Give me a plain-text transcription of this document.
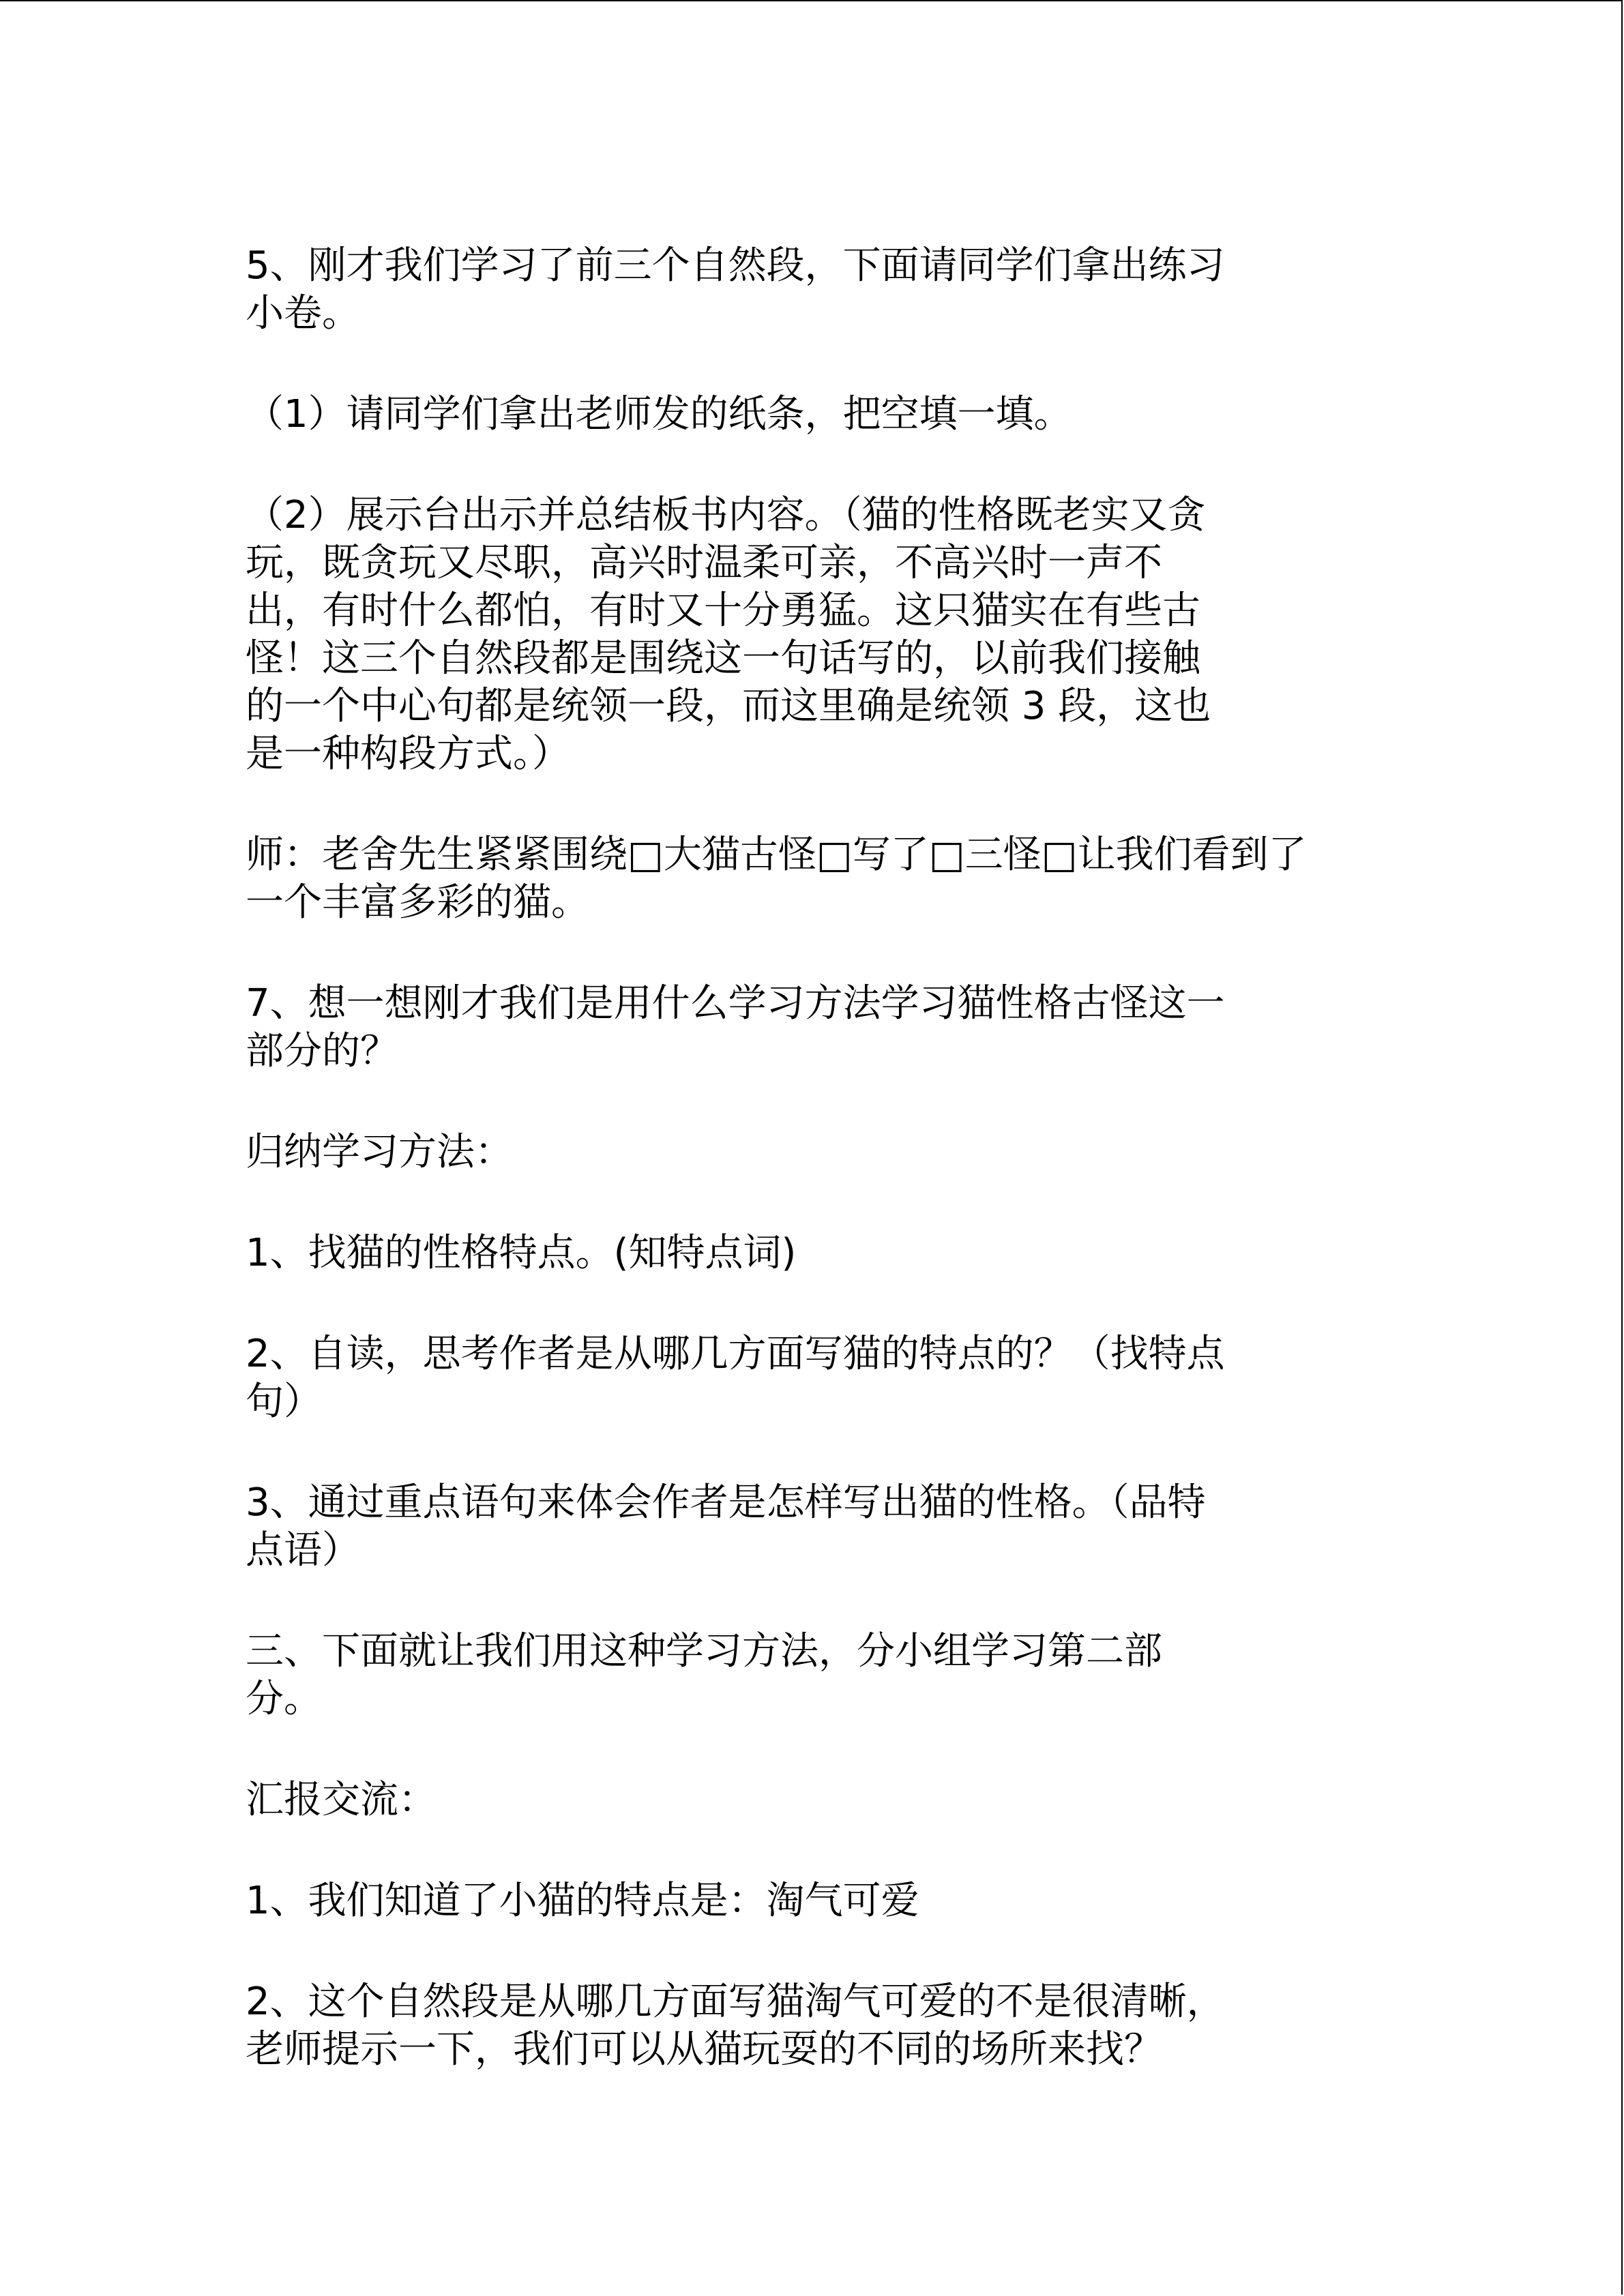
5、刚才我们学习了前三个自然段，下面请同学们拿出练习
小卷。

（1）请同学们拿出老师发的纸条，把空填一填。

（2）展示台出示并总结板书内容。（猫的性格既老实又贪
玩，既贪玩又尽职，高兴时温柔可亲，不高兴时一声不
出，有时什么都怕，有时又十分勇猛。这只猫实在有些古
怪！这三个自然段都是围绕这一句话写的，以前我们接触
的一个中心句都是统领一段，而这里确是统领 3 段，这也
是一种构段方式。）

师：老舍先生紧紧围绕□大猫古怪□写了□三怪□让我们看到了
一个丰富多彩的猫。

7、想一想刚才我们是用什么学习方法学习猫性格古怪这一
部分的？

归纳学习方法：

1、找猫的性格特点。(知特点词)

2、自读，思考作者是从哪几方面写猫的特点的？（找特点
句）

3、通过重点语句来体会作者是怎样写出猫的性格。（品特
点语）

三、下面就让我们用这种学习方法，分小组学习第二部
分。

汇报交流：

1、我们知道了小猫的特点是：淘气可爱

2、这个自然段是从哪几方面写猫淘气可爱的不是很清晰，
老师提示一下，我们可以从猫玩耍的不同的场所来找？
